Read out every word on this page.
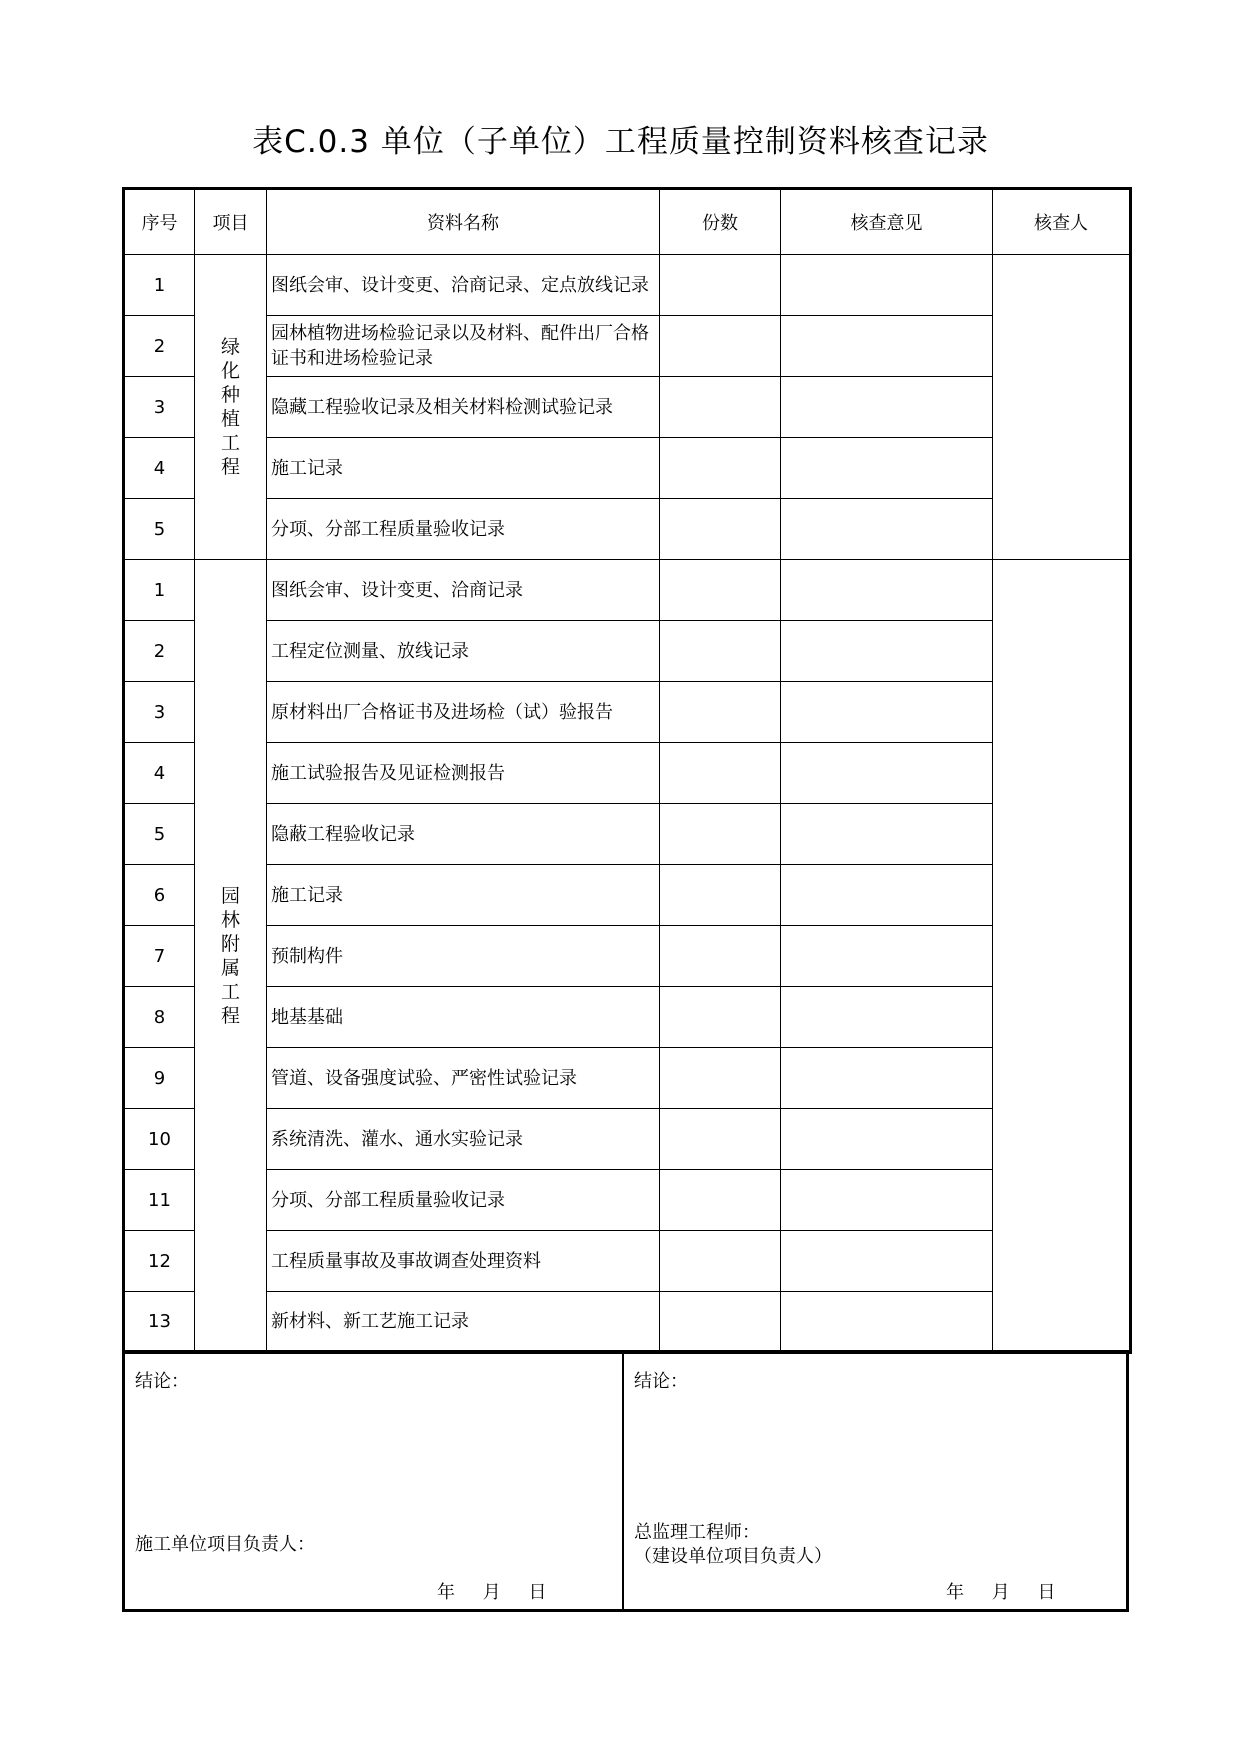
表C.0.3 单位（子单位）工程质量控制资料核查记录
序号	项目	资料名称	份数	核查意见	核查人
1	绿化种植工程	图纸会审、设计变更、洽商记录、定点放线记录			
2		园林植物进场检验记录以及材料、配件出厂合格证书和进场检验记录			
3		隐藏工程验收记录及相关材料检测试验记录			
4		施工记录			
5		分项、分部工程质量验收记录			
1	园林附属工程	图纸会审、设计变更、洽商记录			
2		工程定位测量、放线记录			
3		原材料出厂合格证书及进场检（试）验报告			
4		施工试验报告及见证检测报告			
5		隐蔽工程验收记录			
6		施工记录			
7		预制构件			
8		地基基础			
9		管道、设备强度试验、严密性试验记录			
10		系统清洗、灌水、通水实验记录			
11		分项、分部工程质量验收记录			
12		工程质量事故及事故调查处理资料			
13		新材料、新工艺施工记录			
结论：
施工单位项目负责人：
年 月 日
结论：
总监理工程师：
（建设单位项目负责人）
年 月 日
